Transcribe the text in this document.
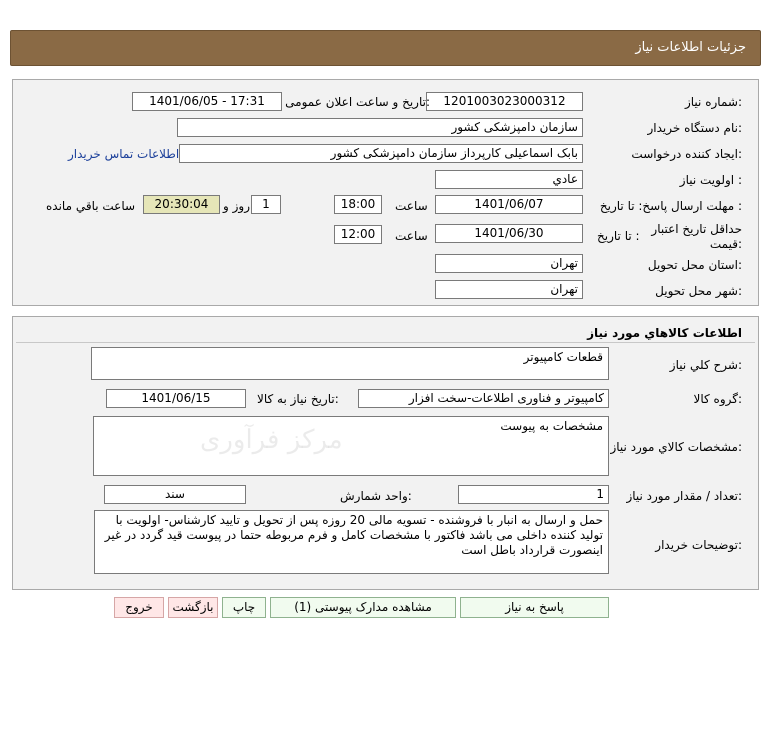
جزئیات اطلاعات نیاز
شماره نیاز:
1201003023000312
تاریخ و ساعت اعلان عمومی:
1401/06/05 - 17:31
نام دستگاه خریدار:
سازمان دامپزشکی کشور
ایجاد کننده درخواست:
بابک اسماعیلی کارپرداز سازمان دامپزشکی کشور
اطلاعات تماس خریدار
اولویت نیاز :
عادي
مهلت ارسال پاسخ: تا تاریخ :
1401/06/07
ساعت
18:00
1
روز و
20:30:04
ساعت باقي مانده
حداقل تاريخ اعتبار قيمت:
تا تاريخ :
1401/06/30
ساعت
12:00
استان محل تحویل:
تهران
شهر محل تحویل:
تهران
اطلاعات كالاهاي مورد نياز
شرح کلي نياز:
قطعات کامپیوتر
گروه کالا:
کامپیوتر و فناوری اطلاعات-سخت افزار
تاريخ نياز به کالا:
1401/06/15
مشخصات کالاي مورد نياز:
مشخصات به پیوست
تعداد / مقدار مورد نیاز:
1
واحد شمارش:
سند
توضيحات خريدار:
حمل و ارسال به انبار با فروشنده - تسویه مالی 20 روزه پس از تحویل و تایید کارشناس- اولویت با تولید کننده داخلی می باشد فاکتور با مشخصات کامل و فرم مربوطه حتما در پیوست قید گردد در غیر اینصورت قرارداد باطل است
پاسخ به نیاز
مشاهده مدارک پیوستی (1)
چاپ
بازگشت
خروج
